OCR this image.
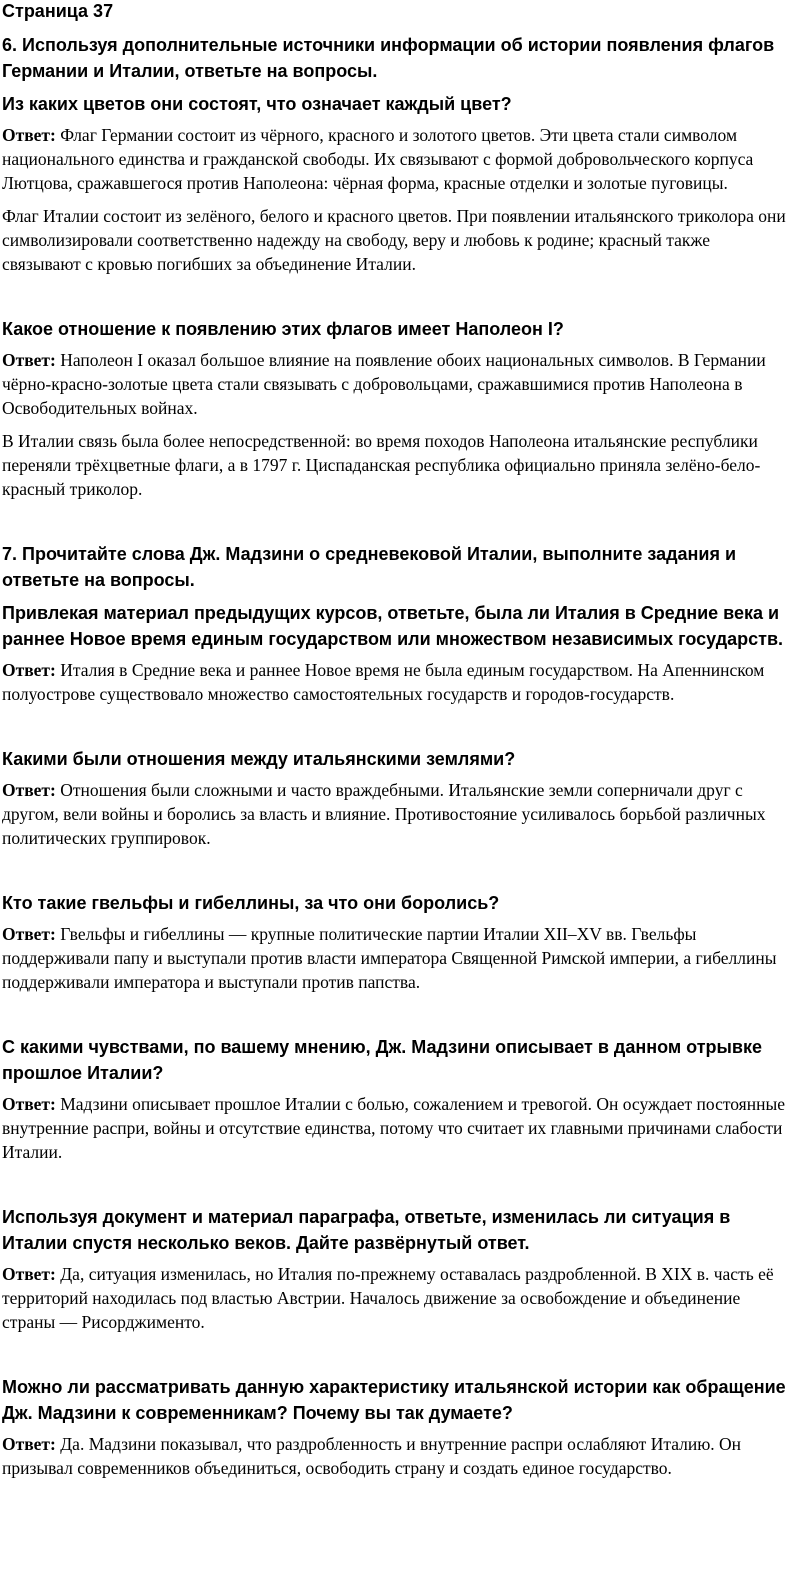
Страница 37
6. Используя дополнительные источники информации об истории появления флагов Германии и Италии, ответьте на вопросы.
Из каких цветов они состоят, что означает каждый цвет?

Ответ: Флаг Германии состоит из чёрного, красного и золотого цветов. Эти цвета стали символом национального единства и гражданской свободы. Их связывают с формой добровольческого корпуса Лютцова, сражавшегося против Наполеона: чёрная форма, красные отделки и золотые пуговицы.

Флаг Италии состоит из зелёного, белого и красного цветов. При появлении итальянского триколора они символизировали соответственно надежду на свободу, веру и любовь к родине; красный также связывают с кровью погибших за объединение Италии.

Какое отношение к появлению этих флагов имеет Наполеон I?

Ответ: Наполеон I оказал большое влияние на появление обоих национальных символов. В Германии чёрно-красно-золотые цвета стали связывать с добровольцами, сражавшимися против Наполеона в Освободительных войнах.

В Италии связь была более непосредственной: во время походов Наполеона итальянские республики переняли трёхцветные флаги, а в 1797 г. Циспаданская республика официально приняла зелёно-бело-красный триколор.

7. Прочитайте слова Дж. Мадзини о средневековой Италии, выполните задания и ответьте на вопросы.
Привлекая материал предыдущих курсов, ответьте, была ли Италия в Средние века и раннее Новое время единым государством или множеством независимых государств.

Ответ: Италия в Средние века и раннее Новое время не была единым государством. На Апеннинском полуострове существовало множество самостоятельных государств и городов-государств.

Какими были отношения между итальянскими землями?

Ответ: Отношения были сложными и часто враждебными. Итальянские земли соперничали друг с другом, вели войны и боролись за власть и влияние. Противостояние усиливалось борьбой различных политических группировок.

Кто такие гвельфы и гибеллины, за что они боролись?

Ответ: Гвельфы и гибеллины — крупные политические партии Италии XII–XV вв. Гвельфы поддерживали папу и выступали против власти императора Священной Римской империи, а гибеллины поддерживали императора и выступали против папства.

С какими чувствами, по вашему мнению, Дж. Мадзини описывает в данном отрывке прошлое Италии?

Ответ: Мадзини описывает прошлое Италии с болью, сожалением и тревогой. Он осуждает постоянные внутренние распри, войны и отсутствие единства, потому что считает их главными причинами слабости Италии.

Используя документ и материал параграфа, ответьте, изменилась ли ситуация в Италии спустя несколько веков. Дайте развёрнутый ответ.

Ответ: Да, ситуация изменилась, но Италия по-прежнему оставалась раздробленной. В XIX в. часть её территорий находилась под властью Австрии. Началось движение за освобождение и объединение страны — Рисорджименто.

Можно ли рассматривать данную характеристику итальянской истории как обращение Дж. Мадзини к современникам? Почему вы так думаете?

Ответ: Да. Мадзини показывал, что раздробленность и внутренние распри ослабляют Италию. Он призывал современников объединиться, освободить страну и создать единое государство.
